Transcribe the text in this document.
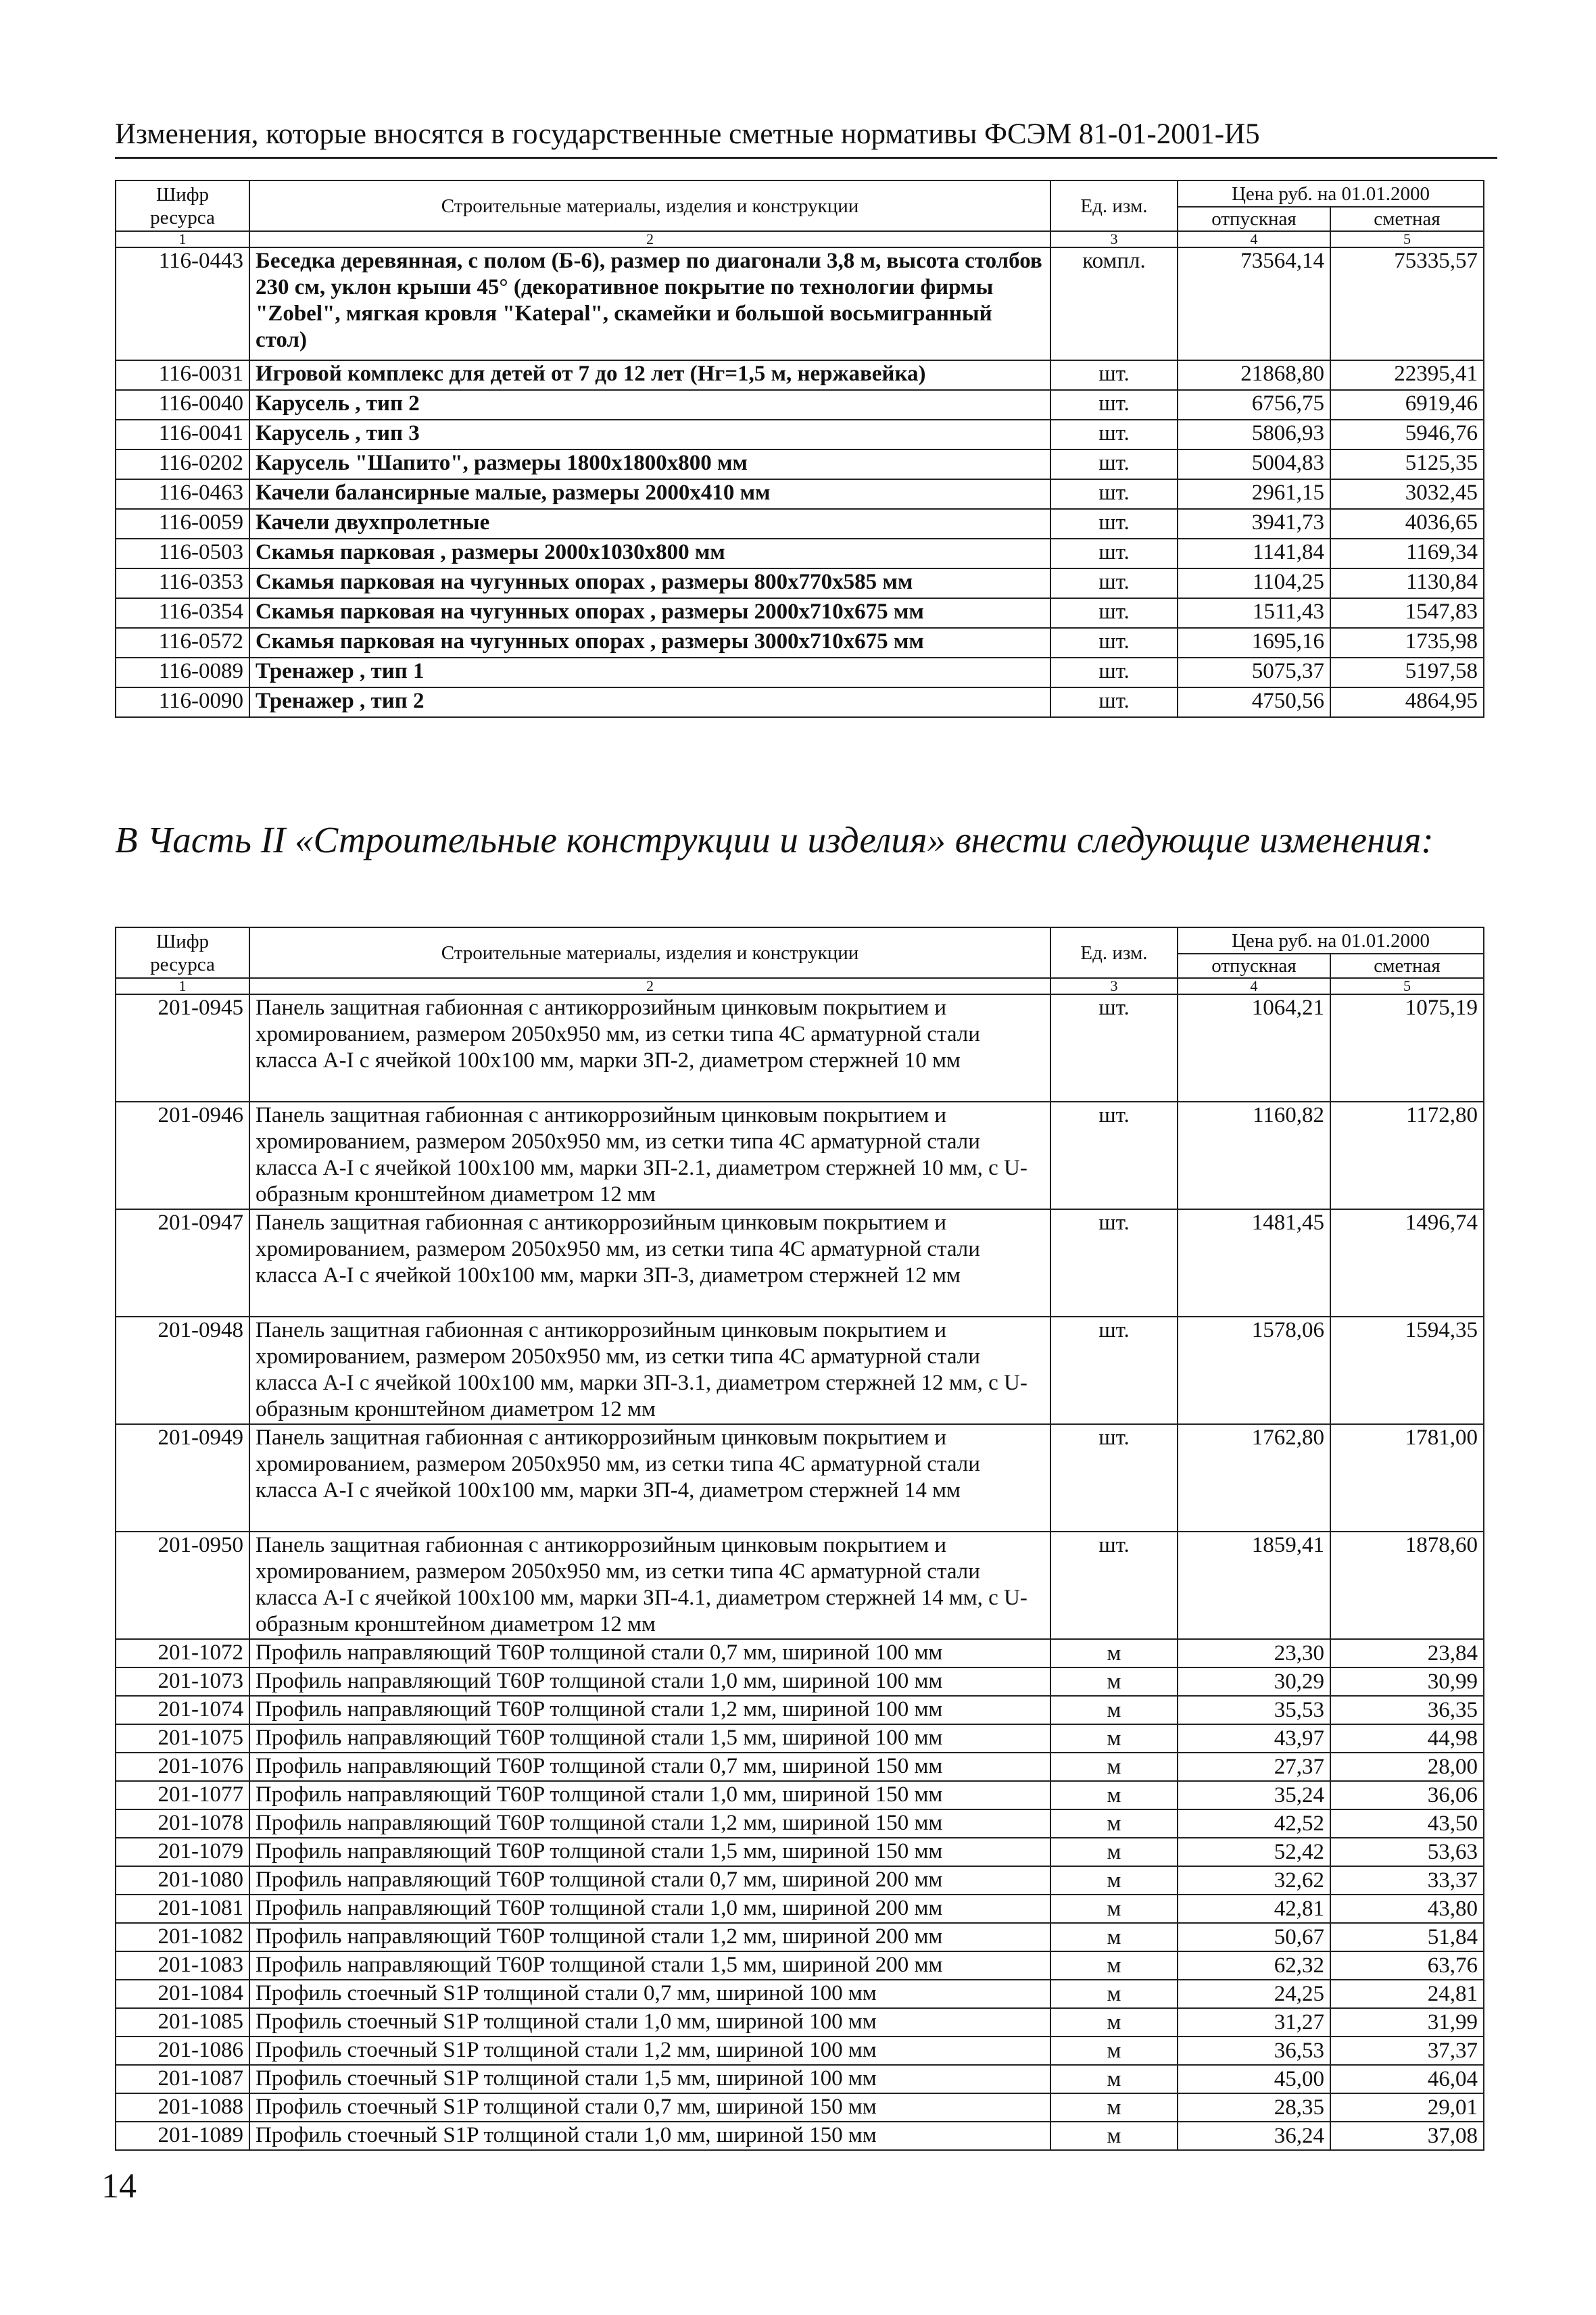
Изменения, которые вносятся в государственные сметные нормативы ФСЭМ 81-01-2001-И5
Шифр ресурса	Строительные материалы, изделия и конструкции	Ед. изм.	Цена руб. на 01.01.2000	
			отпускная	сметная
1	2	3	4	5
116-0443	Беседка деревянная, с полом (Б-6), размер по диагонали 3,8 м, высота столбов 230 см, уклон крыши 45° (декоративное покрытие по технологии фирмы "Zobel", мягкая кровля "Katepal", скамейки и большой восьмигранный стол)	компл.	73564,14	75335,57
116-0031	Игровой комплекс для детей от 7 до 12 лет (Hг=1,5 м, нержавейка)	шт.	21868,80	22395,41
116-0040	Карусель , тип 2	шт.	6756,75	6919,46
116-0041	Карусель , тип 3	шт.	5806,93	5946,76
116-0202	Карусель "Шапито", размеры 1800x1800x800 мм	шт.	5004,83	5125,35
116-0463	Качели балансирные малые, размеры 2000x410 мм	шт.	2961,15	3032,45
116-0059	Качели двухпролетные	шт.	3941,73	4036,65
116-0503	Скамья парковая , размеры 2000x1030x800 мм	шт.	1141,84	1169,34
116-0353	Скамья парковая на чугунных опорах , размеры 800x770x585 мм	шт.	1104,25	1130,84
116-0354	Скамья парковая на чугунных опорах , размеры 2000x710x675 мм	шт.	1511,43	1547,83
116-0572	Скамья парковая на чугунных опорах , размеры 3000x710x675 мм	шт.	1695,16	1735,98
116-0089	Тренажер , тип 1	шт.	5075,37	5197,58
116-0090	Тренажер , тип 2	шт.	4750,56	4864,95
В Часть II «Строительные конструкции и изделия» внести следующие изменения:
Шифр ресурса	Строительные материалы, изделия и конструкции	Ед. изм.	Цена руб. на 01.01.2000	
			отпускная	сметная
1	2	3	4	5
201-0945	Панель защитная габионная с антикоррозийным цинковым покрытием и хромированием, размером 2050x950 мм, из сетки типа 4С арматурной стали класса А-I с ячейкой 100x100 мм, марки ЗП-2, диаметром стержней 10 мм	шт.	1064,21	1075,19
201-0946	Панель защитная габионная с антикоррозийным цинковым покрытием и хромированием, размером 2050x950 мм, из сетки типа 4С арматурной стали класса А-I с ячейкой 100x100 мм, марки ЗП-2.1, диаметром стержней 10 мм, с U-образным кронштейном диаметром 12 мм	шт.	1160,82	1172,80
201-0947	Панель защитная габионная с антикоррозийным цинковым покрытием и хромированием, размером 2050x950 мм, из сетки типа 4С арматурной стали класса А-I с ячейкой 100x100 мм, марки ЗП-3, диаметром стержней 12 мм	шт.	1481,45	1496,74
201-0948	Панель защитная габионная с антикоррозийным цинковым покрытием и хромированием, размером 2050x950 мм, из сетки типа 4С арматурной стали класса А-I с ячейкой 100x100 мм, марки ЗП-3.1, диаметром стержней 12 мм, с U-образным кронштейном диаметром 12 мм	шт.	1578,06	1594,35
201-0949	Панель защитная габионная с антикоррозийным цинковым покрытием и хромированием, размером 2050x950 мм, из сетки типа 4С арматурной стали класса А-I с ячейкой 100x100 мм, марки ЗП-4, диаметром стержней 14 мм	шт.	1762,80	1781,00
201-0950	Панель защитная габионная с антикоррозийным цинковым покрытием и хромированием, размером 2050x950 мм, из сетки типа 4С арматурной стали класса А-I с ячейкой 100x100 мм, марки ЗП-4.1, диаметром стержней 14 мм, с U-образным кронштейном диаметром 12 мм	шт.	1859,41	1878,60
201-1072	Профиль направляющий T60P толщиной стали 0,7 мм, шириной 100 мм	м	23,30	23,84
201-1073	Профиль направляющий T60P толщиной стали 1,0 мм, шириной 100 мм	м	30,29	30,99
201-1074	Профиль направляющий T60P толщиной стали 1,2 мм, шириной 100 мм	м	35,53	36,35
201-1075	Профиль направляющий T60P толщиной стали 1,5 мм, шириной 100 мм	м	43,97	44,98
201-1076	Профиль направляющий T60P толщиной стали 0,7 мм, шириной 150 мм	м	27,37	28,00
201-1077	Профиль направляющий T60P толщиной стали 1,0 мм, шириной 150 мм	м	35,24	36,06
201-1078	Профиль направляющий T60P толщиной стали 1,2 мм, шириной 150 мм	м	42,52	43,50
201-1079	Профиль направляющий T60P толщиной стали 1,5 мм, шириной 150 мм	м	52,42	53,63
201-1080	Профиль направляющий T60P толщиной стали 0,7 мм, шириной 200 мм	м	32,62	33,37
201-1081	Профиль направляющий T60P толщиной стали 1,0 мм, шириной 200 мм	м	42,81	43,80
201-1082	Профиль направляющий T60P толщиной стали 1,2 мм, шириной 200 мм	м	50,67	51,84
201-1083	Профиль направляющий T60P толщиной стали 1,5 мм, шириной 200 мм	м	62,32	63,76
201-1084	Профиль стоечный S1P толщиной стали 0,7 мм, шириной 100 мм	м	24,25	24,81
201-1085	Профиль стоечный S1P толщиной стали 1,0 мм, шириной 100 мм	м	31,27	31,99
201-1086	Профиль стоечный S1P толщиной стали 1,2 мм, шириной 100 мм	м	36,53	37,37
201-1087	Профиль стоечный S1P толщиной стали 1,5 мм, шириной 100 мм	м	45,00	46,04
201-1088	Профиль стоечный S1P толщиной стали 0,7 мм, шириной 150 мм	м	28,35	29,01
201-1089	Профиль стоечный S1P толщиной стали 1,0 мм, шириной 150 мм	м	36,24	37,08
14
